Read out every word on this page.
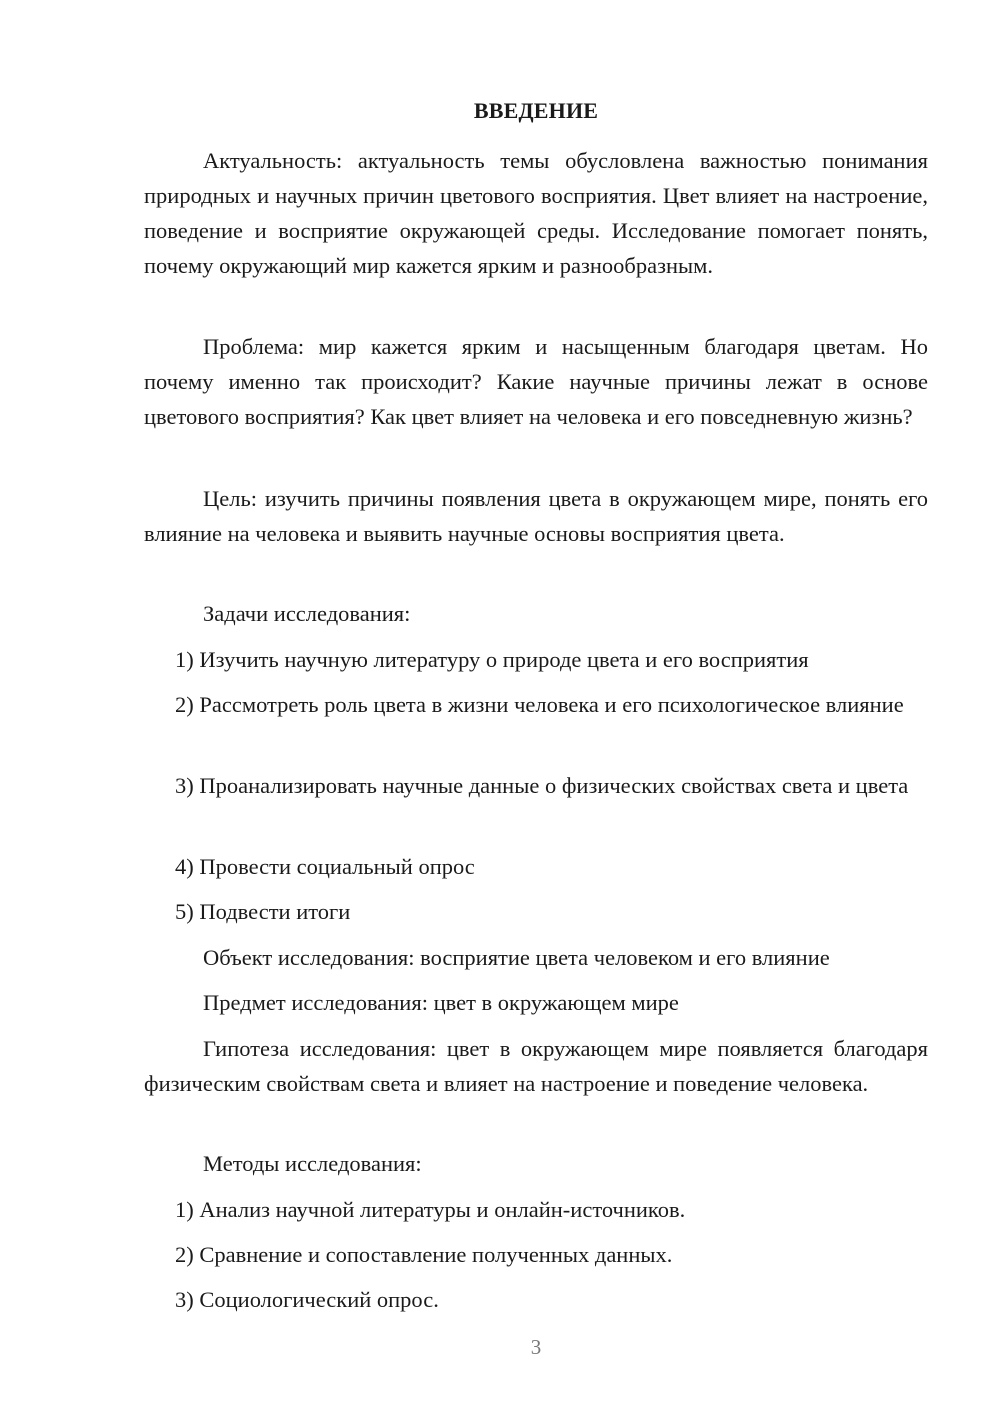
ВВЕДЕНИЕ
Актуальность: актуальность темы обусловлена важностью понимания природных и научных причин цветового восприятия. Цвет влияет на настроение, поведение и восприятие окружающей среды. Исследование помогает понять, почему окружающий мир кажется ярким и разнообразным.
Проблема: мир кажется ярким и насыщенным благодаря цветам. Но почему именно так происходит? Какие научные причины лежат в основе цветового восприятия? Как цвет влияет на человека и его повседневную жизнь?
Цель: изучить причины появления цвета в окружающем мире, понять его влияние на человека и выявить научные основы восприятия цвета.
Задачи исследования:
1) Изучить научную литературу о природе цвета и его восприятия
2) Рассмотреть роль цвета в жизни человека и его психологическое влияние
3) Проанализировать научные данные о физических свойствах света и цвета
4) Провести социальный опрос
5) Подвести итоги
Объект исследования: восприятие цвета человеком и его влияние
Предмет исследования: цвет в окружающем мире
Гипотеза исследования: цвет в окружающем мире появляется благодаря физическим свойствам света и влияет на настроение и поведение человека.
Методы исследования:
1) Анализ научной литературы и онлайн-источников.
2) Сравнение и сопоставление полученных данных.
3) Социологический опрос.
3
